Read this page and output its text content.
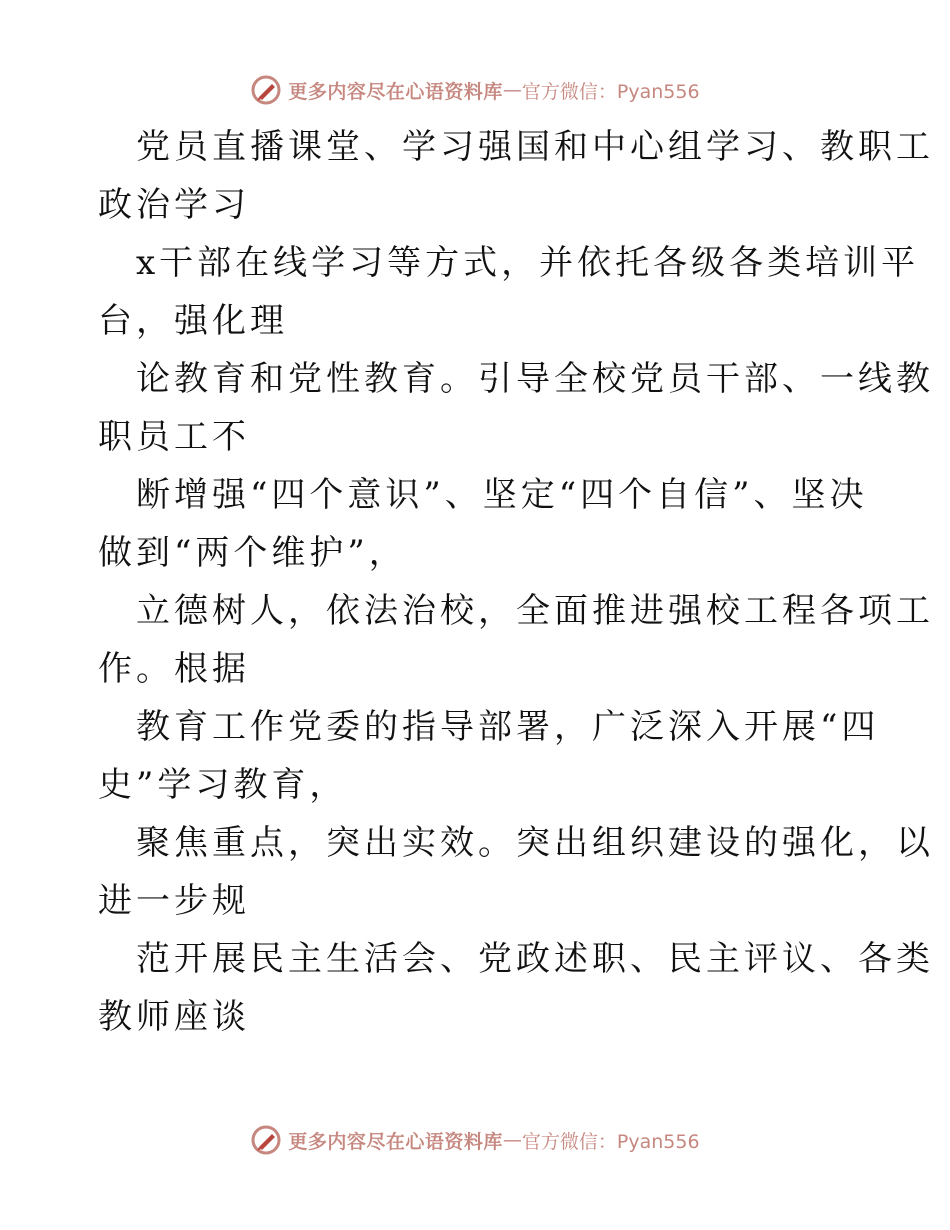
更多内容尽在心语资料库 — 官方微信：Pyan556
党员直播课堂、学习强国和中心组学习、教职工
政治学习
x干部在线学习等方式，并依托各级各类培训平
台，强化理
论教育和党性教育。引导全校党员干部、一线教
职员工不
断增强“四个意识”、坚定“四个自信”、坚决
做到“两个维护”，
立德树人，依法治校，全面推进强校工程各项工
作。根据
教育工作党委的指导部署，广泛深入开展“四
史”学习教育，
聚焦重点，突出实效。突出组织建设的强化，以
进一步规
范开展民主生活会、党政述职、民主评议、各类
教师座谈
更多内容尽在心语资料库 — 官方微信：Pyan556
